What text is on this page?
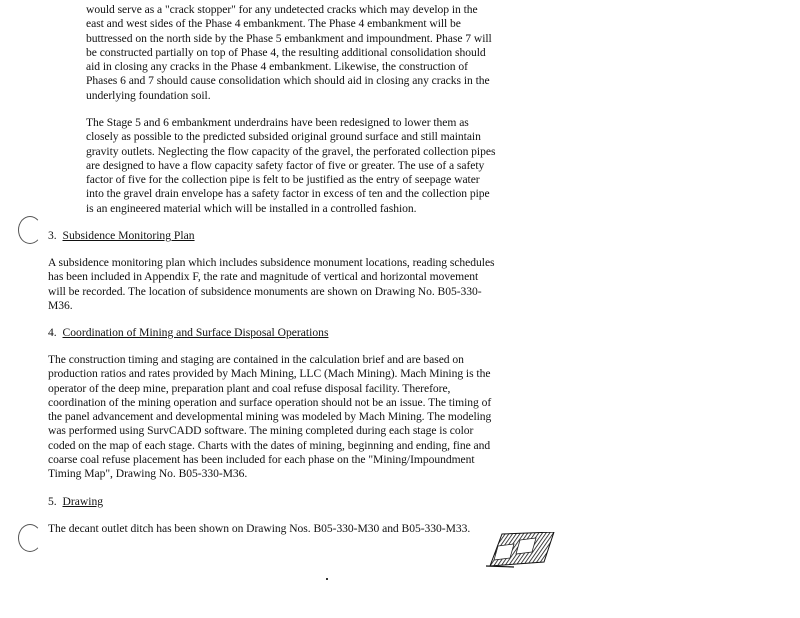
would serve as a "crack stopper" for any undetected cracks which may develop in the
east and west sides of the Phase 4 embankment. The Phase 4 embankment will be
buttressed on the north side by the Phase 5 embankment and impoundment. Phase 7 will
be constructed partially on top of Phase 4, the resulting additional consolidation should
aid in closing any cracks in the Phase 4 embankment. Likewise, the construction of
Phases 6 and 7 should cause consolidation which should aid in closing any cracks in the
underlying foundation soil.
The Stage 5 and 6 embankment underdrains have been redesigned to lower them as
closely as possible to the predicted subsided original ground surface and still maintain
gravity outlets. Neglecting the flow capacity of the gravel, the perforated collection pipes
are designed to have a flow capacity safety factor of five or greater. The use of a safety
factor of five for the collection pipe is felt to be justified as the entry of seepage water
into the gravel drain envelope has a safety factor in excess of ten and the collection pipe
is an engineered material which will be installed in a controlled fashion.
3. Subsidence Monitoring Plan
A subsidence monitoring plan which includes subsidence monument locations, reading schedules
has been included in Appendix F, the rate and magnitude of vertical and horizontal movement
will be recorded. The location of subsidence monuments are shown on Drawing No. B05-330-
M36.
4. Coordination of Mining and Surface Disposal Operations
The construction timing and staging are contained in the calculation brief and are based on
production ratios and rates provided by Mach Mining, LLC (Mach Mining). Mach Mining is the
operator of the deep mine, preparation plant and coal refuse disposal facility. Therefore,
coordination of the mining operation and surface operation should not be an issue. The timing of
the panel advancement and developmental mining was modeled by Mach Mining. The modeling
was performed using SurvCADD software. The mining completed during each stage is color
coded on the map of each stage. Charts with the dates of mining, beginning and ending, fine and
coarse coal refuse placement has been included for each phase on the "Mining/Impoundment
Timing Map", Drawing No. B05-330-M36.
5. Drawing
The decant outlet ditch has been shown on Drawing Nos. B05-330-M30 and B05-330-M33.
